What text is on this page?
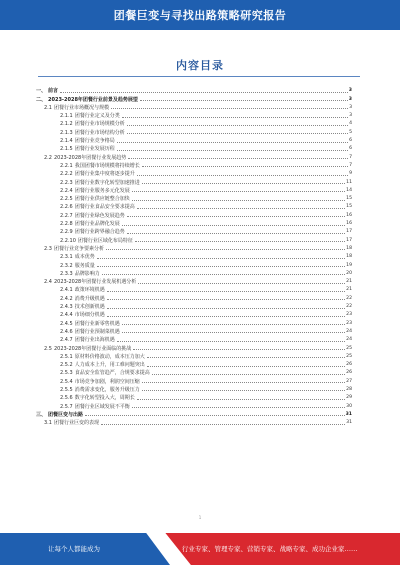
团餐巨变与寻找出路策略研究报告
内容目录
一、 前言	3
二、 2023-2028年团餐行业前景及趋势展望	3
2.1 团餐行业市场概况与规模	3
2.1.1 团餐行业定义及分类	3
2.1.2 团餐行业市场规模分析	4
2.1.3 团餐行业市场结构分析	5
2.1.4 团餐行业竞争格局	6
2.1.5 团餐行业发展历程	6
2.2 2023-2028年团餐行业发展趋势	7
2.2.1 我国团餐市场规模将持续增长	7
2.2.2 团餐行业集中度将逐步提升	9
2.2.3 团餐行业数字化转型加速推进	11
2.2.4 团餐行业服务多元化发展	14
2.2.5 团餐行业供应链整合加快	15
2.2.6 团餐行业食品安全要求提高	15
2.2.7 团餐行业绿色发展趋势	16
2.2.8 团餐行业品牌化发展	16
2.2.9 团餐行业跨界融合趋势	17
2.2.10 团餐行业区域化布局特征	17
2.3 团餐行业竞争要素分析	18
2.3.1 成本优势	18
2.3.2 服务质量	19
2.3.3 品牌影响力	20
2.4 2023-2028年团餐行业发展机遇分析	21
2.4.1 政策环境机遇	21
2.4.2 消费升级机遇	22
2.4.3 技术创新机遇	22
2.4.4 市场细分机遇	23
2.4.5 团餐行业新零售机遇	23
2.4.6 团餐行业预制菜机遇	24
2.4.7 团餐行业出海机遇	24
2.5 2023-2028年团餐行业面临的挑战	25
2.5.1 原材料价格波动，成本压力加大	25
2.5.2 人力成本上升，用工难问题突出	26
2.5.3 食品安全监管趋严，合规要求提高	26
2.5.4 市场竞争加剧，利润空间压缩	27
2.5.5 消费需求变化，服务升级压力	28
2.5.6 数字化转型投入大，周期长	29
2.5.7 团餐行业区域发展不平衡	30
三、 团餐巨变与出路	31
3.1 团餐行业巨变的表现	31
1
让每个人都能成为	行业专家、管理专家、营销专家、战略专家、成功企业家……
